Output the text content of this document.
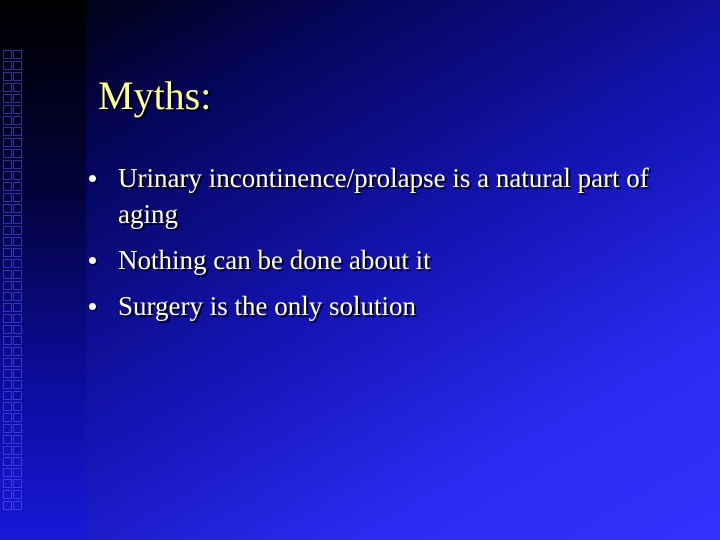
Myths:
Urinary incontinence/prolapse is a natural part of aging
Nothing can be done about it
Surgery is the only solution
